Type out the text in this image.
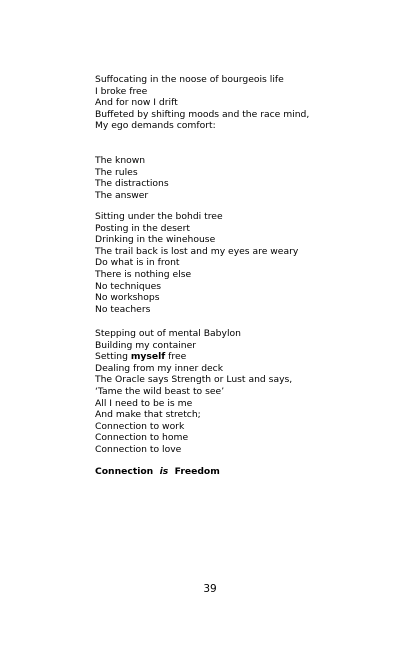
Suffocating in the noose of bourgeois life
I broke free
And for now I drift
Buffeted by shifting moods and the race mind,
My ego demands comfort:
The known
The rules
The distractions
The answer
Sitting under the bohdi tree
Posting in the desert
Drinking in the winehouse
The trail back is lost and my eyes are weary
Do what is in front
There is nothing else
No techniques
No workshops
No teachers
Stepping out of mental Babylon
Building my container
Setting myself free
Dealing from my inner deck
The Oracle says Strength or Lust and says,
‘Tame the wild beast to see’
All I need to be is me
And make that stretch;
Connection to work
Connection to home
Connection to love
Connection is Freedom
39
